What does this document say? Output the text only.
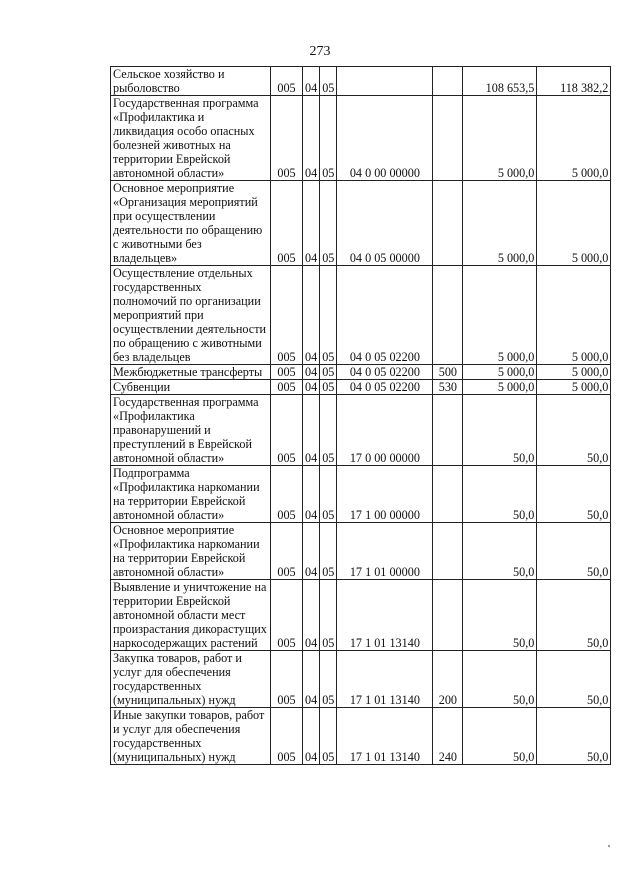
273
Сельское хозяйство и рыболовство	005	04	05			108 653,5	118 382,2
Государственная программа «Профилактика и ликвидация особо опасных болезней животных на территории Еврейской автономной области»	005	04	05	04 0 00 00000		5 000,0	5 000,0
Основное мероприятие «Организация мероприятий при осуществлении деятельности по обращению с животными без владельцев»	005	04	05	04 0 05 00000		5 000,0	5 000,0
Осуществление отдельных государственных полномочий по организации мероприятий при осуществлении деятельности по обращению с животными без владельцев	005	04	05	04 0 05 02200		5 000,0	5 000,0
Межбюджетные трансферты	005	04	05	04 0 05 02200	500	5 000,0	5 000,0
Субвенции	005	04	05	04 0 05 02200	530	5 000,0	5 000,0
Государственная программа «Профилактика правонарушений и преступлений в Еврейской автономной области»	005	04	05	17 0 00 00000		50,0	50,0
Подпрограмма «Профилактика наркомании на территории Еврейской автономной области»	005	04	05	17 1 00 00000		50,0	50,0
Основное мероприятие «Профилактика наркомании на территории Еврейской автономной области»	005	04	05	17 1 01 00000		50,0	50,0
Выявление и уничтожение на территории Еврейской автономной области мест произрастания дикорастущих наркосодержащих растений	005	04	05	17 1 01 13140		50,0	50,0
Закупка товаров, работ и услуг для обеспечения государственных (муниципальных) нужд	005	04	05	17 1 01 13140	200	50,0	50,0
Иные закупки товаров, работ и услуг для обеспечения государственных (муниципальных) нужд	005	04	05	17 1 01 13140	240	50,0	50,0
